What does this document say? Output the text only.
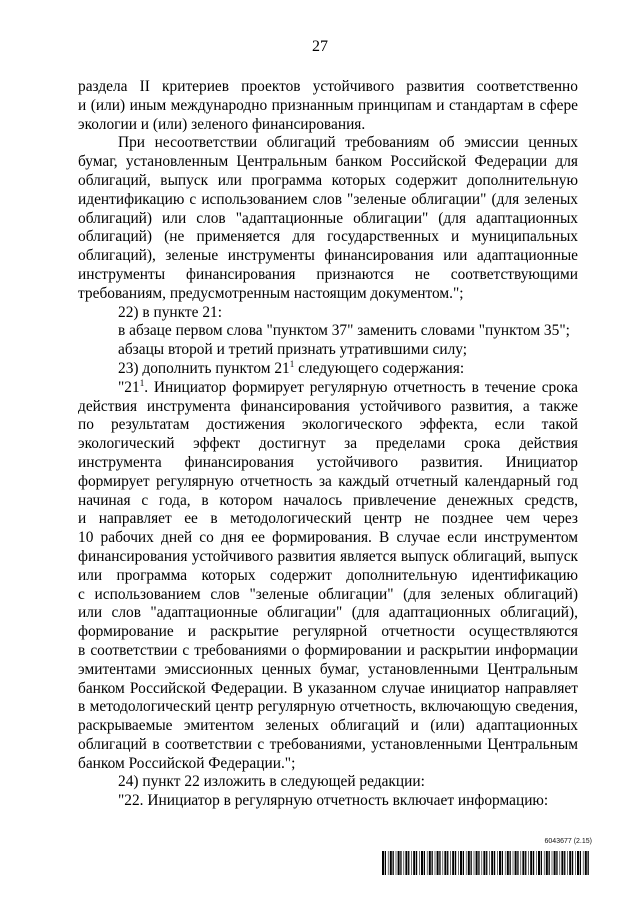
27
раздела II критериев проектов устойчивого развития соответственно
и (или) иным международно признанным принципам и стандартам в сфере
экологии и (или) зеленого финансирования.
При несоответствии облигаций требованиям об эмиссии ценных
бумаг, установленным Центральным банком Российской Федерации для
облигаций, выпуск или программа которых содержит дополнительную
идентификацию с использованием слов "зеленые облигации" (для зеленых
облигаций) или слов "адаптационные облигации" (для адаптационных
облигаций) (не применяется для государственных и муниципальных
облигаций), зеленые инструменты финансирования или адаптационные
инструменты финансирования признаются не соответствующими
требованиям, предусмотренным настоящим документом.";
22) в пункте 21:
в абзаце первом слова "пунктом 37" заменить словами "пунктом 35";
абзацы второй и третий признать утратившими силу;
23) дополнить пунктом $21^1$ следующего содержания:
"$21^1$. Инициатор формирует регулярную отчетность в течение срока
действия инструмента финансирования устойчивого развития, а также
по результатам достижения экологического эффекта, если такой
экологический эффект достигнут за пределами срока действия
инструмента финансирования устойчивого развития. Инициатор
формирует регулярную отчетность за каждый отчетный календарный год
начиная с года, в котором началось привлечение денежных средств,
и направляет ее в методологический центр не позднее чем через
10 рабочих дней со дня ее формирования. В случае если инструментом
финансирования устойчивого развития является выпуск облигаций, выпуск
или программа которых содержит дополнительную идентификацию
с использованием слов "зеленые облигации" (для зеленых облигаций)
или слов "адаптационные облигации" (для адаптационных облигаций),
формирование и раскрытие регулярной отчетности осуществляются
в соответствии с требованиями о формировании и раскрытии информации
эмитентами эмиссионных ценных бумаг, установленными Центральным
банком Российской Федерации. В указанном случае инициатор направляет
в методологический центр регулярную отчетность, включающую сведения,
раскрываемые эмитентом зеленых облигаций и (или) адаптационных
облигаций в соответствии с требованиями, установленными Центральным
банком Российской Федерации.";
24) пункт 22 изложить в следующей редакции:
"22. Инициатор в регулярную отчетность включает информацию:
6043677 (2.15)
